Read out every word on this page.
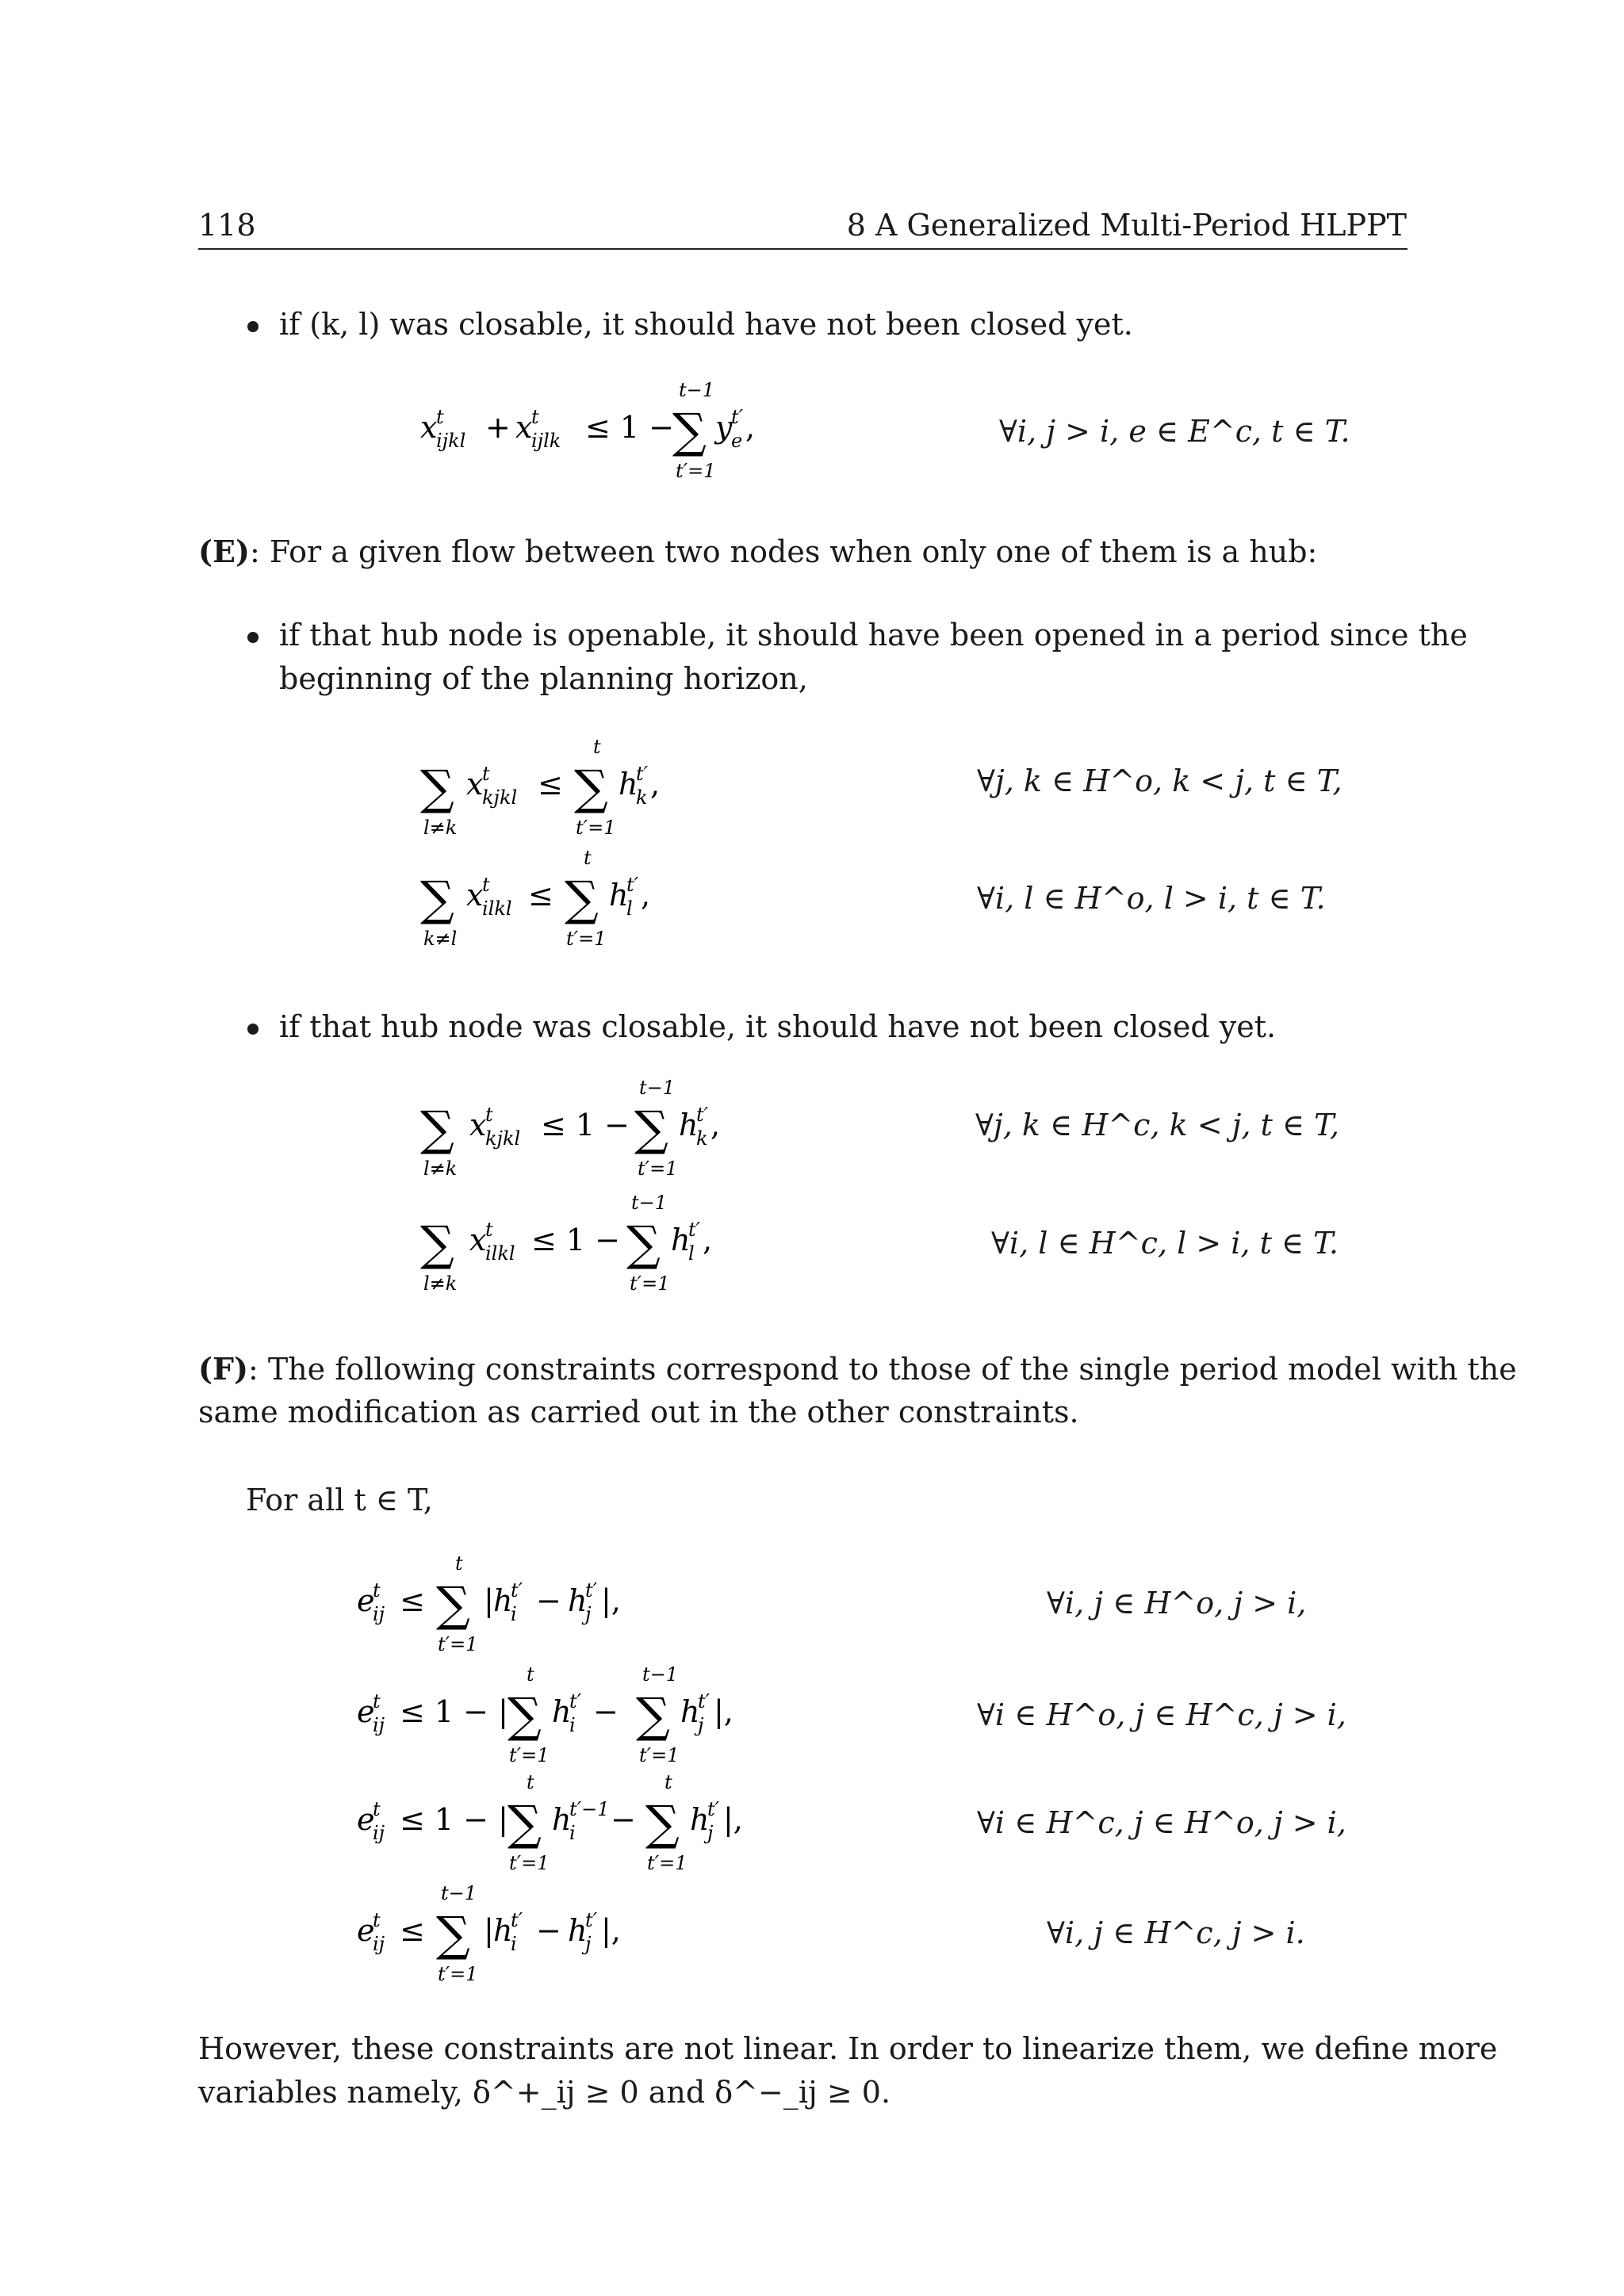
118	8 A Generalized Multi-Period HLPPT
if (k, l) was closable, it should have not been closed yet.
x
t
ijkl + x
t
ijlk ≤ 1 −
t−1
∑
t′=1
y
t′
e ,	∀i, j > i, e ∈ E^c, t ∈ T.
(E): For a given flow between two nodes when only one of them is a hub:
if that hub node is openable, it should have been opened in a period since the
beginning of the planning horizon,
∑
l≠k
x
t
kjkl ≤
t
∑
t′=1
h
t′
k ,	∀j, k ∈ H^o, k < j, t ∈ T,
∑
k≠l
x
t
ilkl ≤
t
∑
t′=1
h
t′
l ,	∀i, l ∈ H^o, l > i, t ∈ T.
if that hub node was closable, it should have not been closed yet.
∑
l≠k
x
t
kjkl ≤ 1 −
t−1
∑
t′=1
h
t′
k ,	∀j, k ∈ H^c, k < j, t ∈ T,
∑
l≠k
x
t
ilkl ≤ 1 −
t−1
∑
t′=1
h
t′
l ,	∀i, l ∈ H^c, l > i, t ∈ T.
(F): The following constraints correspond to those of the single period model with the
same modification as carried out in the other constraints.
For all t ∈ T,
e
t
ij ≤
t
∑
t′=1
| h
t′
i − h
t′
j |,	∀i, j ∈ H^o, j > i,
e
t
ij ≤ 1 − |
t
∑
t′=1
h
t′
i −
t−1
∑
t′=1
h
t′
j |,	∀i ∈ H^o, j ∈ H^c, j > i,
e
t
ij ≤ 1 − |
t
∑
t′=1
h
t′−1
i −
t
∑
t′=1
h
t′
j |,	∀i ∈ H^c, j ∈ H^o, j > i,
e
t
ij ≤
t−1
∑
t′=1
| h
t′
i − h
t′
j |,	∀i, j ∈ H^c, j > i.
However, these constraints are not linear. In order to linearize them, we define more
variables namely, δ^+_ij ≥ 0 and δ^−_ij ≥ 0.
